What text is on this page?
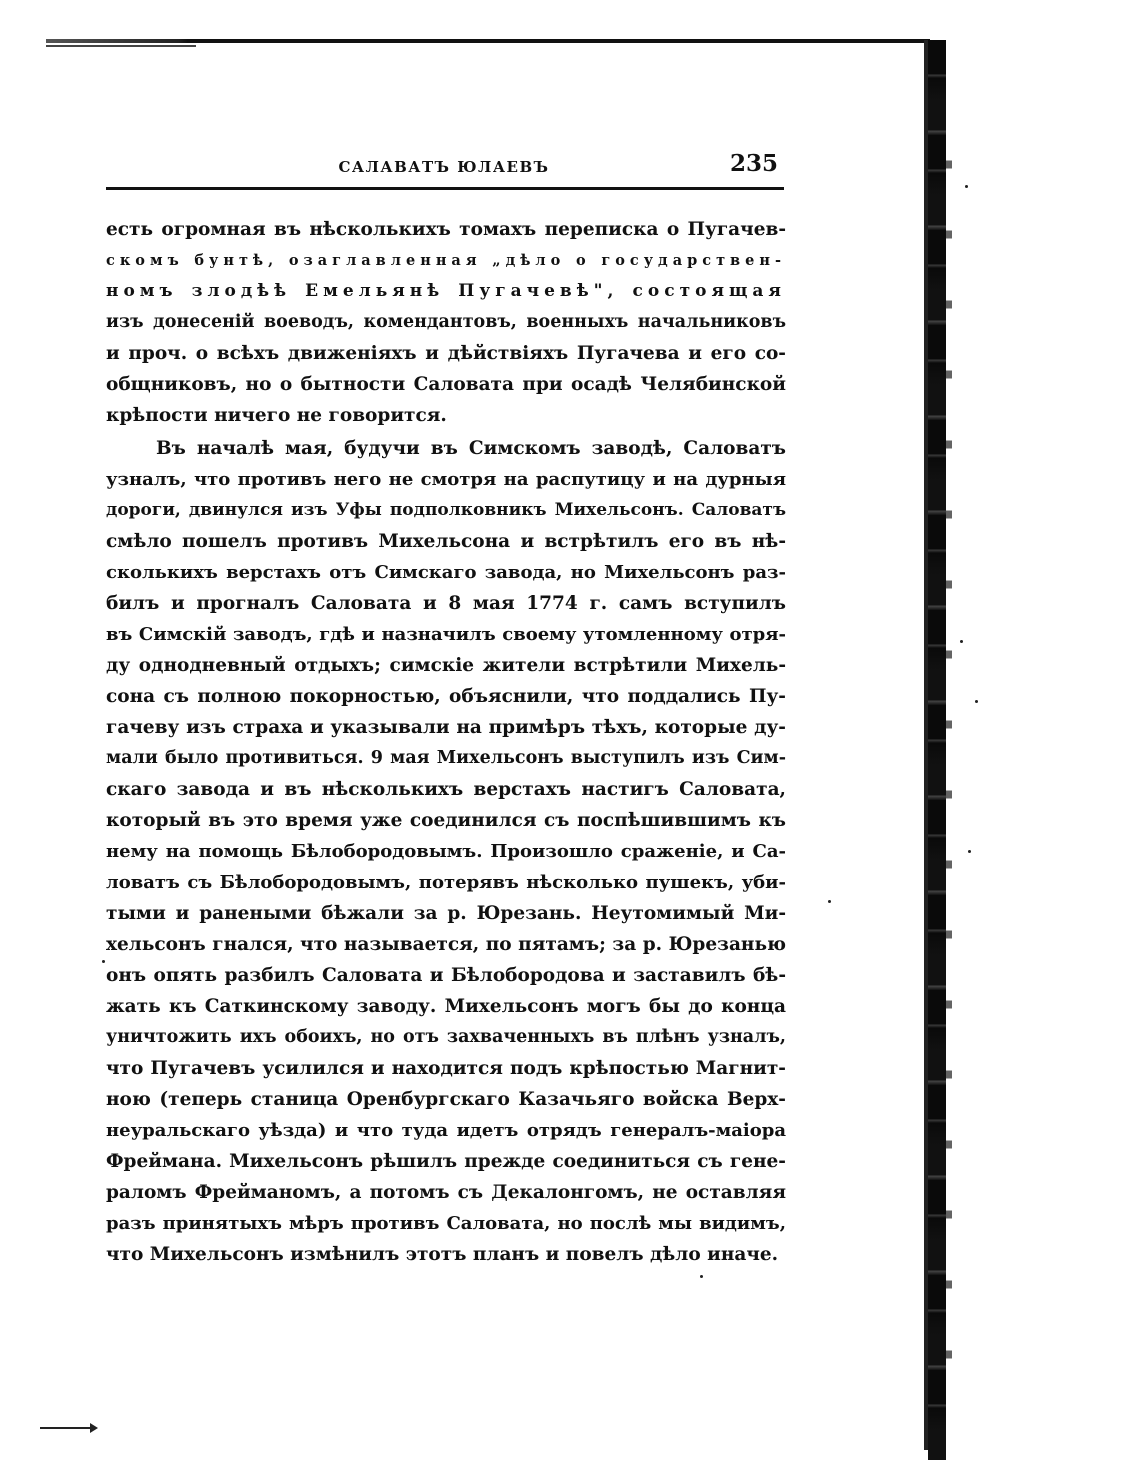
САЛАВАТЪ ЮЛАЕВЪ	235
есть огромная въ нѣсколькихъ томахъ переписка о Пугачев-
скомъ бунтѣ, озаглавленная „дѣло о государствен-
номъ злодѣѣ Емельянѣ Пугачевѣ", состоящая
изъ донесеній воеводъ, комендантовъ, военныхъ начальниковъ
и проч. о всѣхъ движеніяхъ и дѣйствіяхъ Пугачева и его со-
общниковъ, но о бытности Саловата при осадѣ Челябинской
крѣпости ничего не говорится.
Въ началѣ мая, будучи въ Симскомъ заводѣ, Саловатъ
узналъ, что противъ него не смотря на распутицу и на дурныя
дороги, двинулся изъ Уфы подполковникъ Михельсонъ. Саловатъ
смѣло пошелъ противъ Михельсона и встрѣтилъ его въ нѣ-
сколькихъ верстахъ отъ Симскаго завода, но Михельсонъ раз-
билъ и прогналъ Саловата и 8 мая 1774 г. самъ вступилъ
въ Симскій заводъ, гдѣ и назначилъ своему утомленному отря-
ду однодневный отдыхъ; симскіе жители встрѣтили Михель-
сона съ полною покорностью, объяснили, что поддались Пу-
гачеву изъ страха и указывали на примѣръ тѣхъ, которые ду-
мали было противиться. 9 мая Михельсонъ выступилъ изъ Сим-
скаго завода и въ нѣсколькихъ верстахъ настигъ Саловата,
который въ это время уже соединился съ поспѣшившимъ къ
нему на помощь Бѣлобородовымъ. Произошло сраженіе, и Са-
ловатъ съ Бѣлобородовымъ, потерявъ нѣсколько пушекъ, уби-
тыми и ранеными бѣжали за р. Юрезань. Неутомимый Ми-
хельсонъ гнался, что называется, по пятамъ; за р. Юрезанью
онъ опять разбилъ Саловата и Бѣлобородова и заставилъ бѣ-
жать къ Саткинскому заводу. Михельсонъ могъ бы до конца
уничтожить ихъ обоихъ, но отъ захваченныхъ въ плѣнъ узналъ,
что Пугачевъ усилился и находится подъ крѣпостью Магнит-
ною (теперь станица Оренбургскаго Казачьяго войска Верх-
неуральскаго уѣзда) и что туда идетъ отрядъ генералъ-маіора
Фреймана. Михельсонъ рѣшилъ прежде соединиться съ гене-
раломъ Фрейманомъ, а потомъ съ Декалонгомъ, не оставляя
разъ принятыхъ мѣръ противъ Саловата, но послѣ мы видимъ,
что Михельсонъ измѣнилъ этотъ планъ и повелъ дѣло иначе.
